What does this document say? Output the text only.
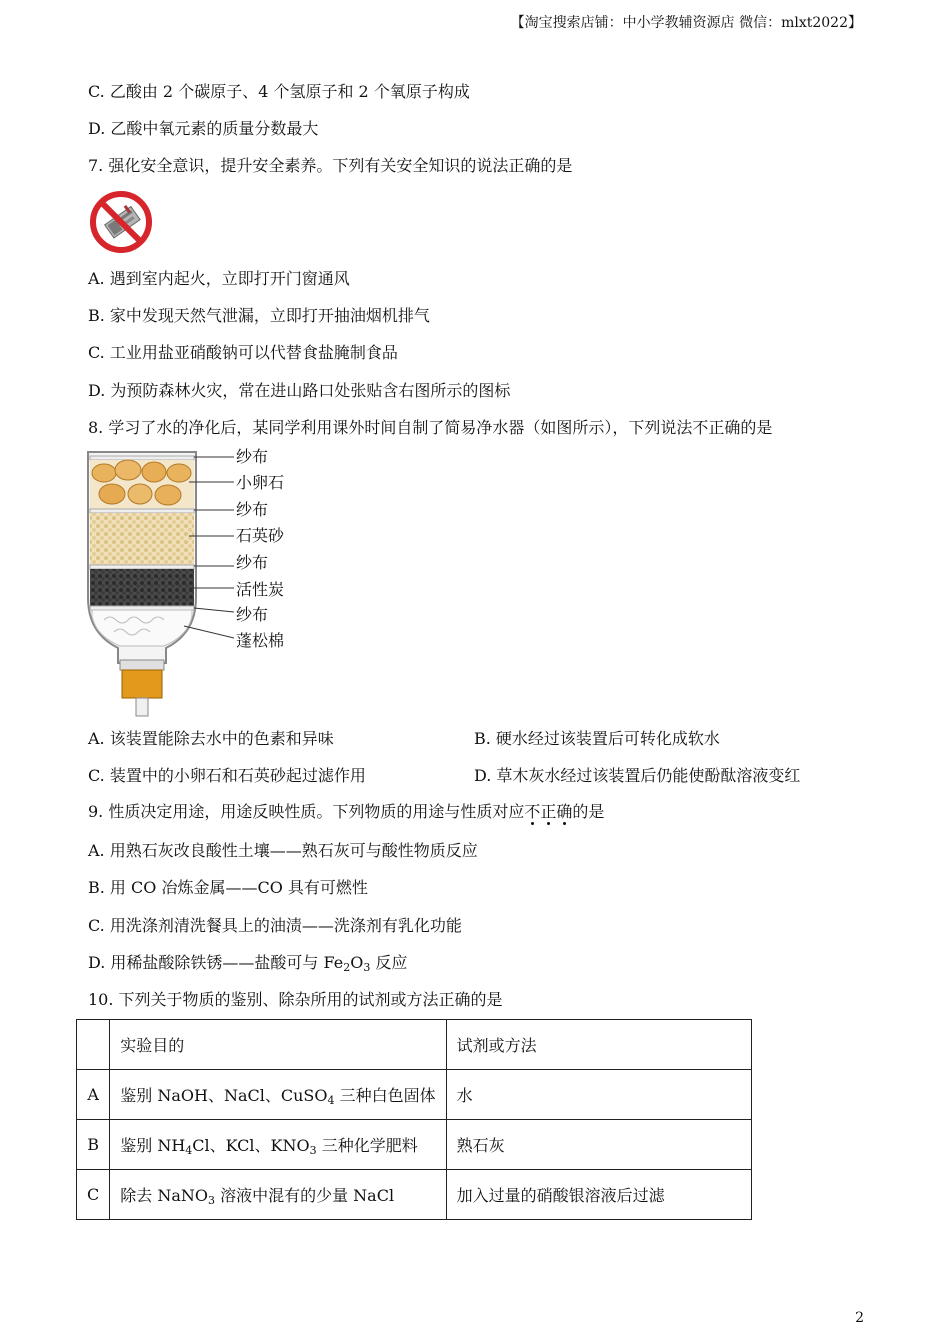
【淘宝搜索店铺：中小学教辅资源店 微信：mlxt2022】
C. 乙酸由 2 个碳原子、4 个氢原子和 2 个氧原子构成
D. 乙酸中氧元素的质量分数最大
7. 强化安全意识，提升安全素养。下列有关安全知识的说法正确的是
A. 遇到室内起火，立即打开门窗通风
B. 家中发现天然气泄漏，立即打开抽油烟机排气
C. 工业用盐亚硝酸钠可以代替食盐腌制食品
D. 为预防森林火灾，常在进山路口处张贴含右图所示的图标
8. 学习了水的净化后，某同学利用课外时间自制了简易净水器（如图所示），下列说法不正确的是
纱布
小卵石
纱布
石英砂
纱布
活性炭
纱布
蓬松棉
A. 该装置能除去水中的色素和异味	B. 硬水经过该装置后可转化成软水
C. 装置中的小卵石和石英砂起过滤作用	D. 草木灰水经过该装置后仍能使酚酞溶液变红
9. 性质决定用途，用途反映性质。下列物质的用途与性质对应不正确
的是
A. 用熟石灰改良酸性土壤——熟石灰可与酸性物质反应
B. 用 CO 冶炼金属——CO 具有可燃性
C. 用洗涤剂清洗餐具上的油渍——洗涤剂有乳化功能
D. 用稀盐酸除铁锈——盐酸可与 $Fe_2O_3$ 反应
10. 下列关于物质的鉴别、除杂所用的试剂或方法正确的是
	实验目的	试剂或方法
A	鉴别 NaOH、NaCl、CuSO$_4$ 三种白色固体	水
B	鉴别 $NH_4Cl$、KCl、$KNO_3$ 三种化学肥料	熟石灰
C	除去 NaNO$_3$ 溶液中混有的少量 NaCl	加入过量的硝酸银溶液后过滤
2
